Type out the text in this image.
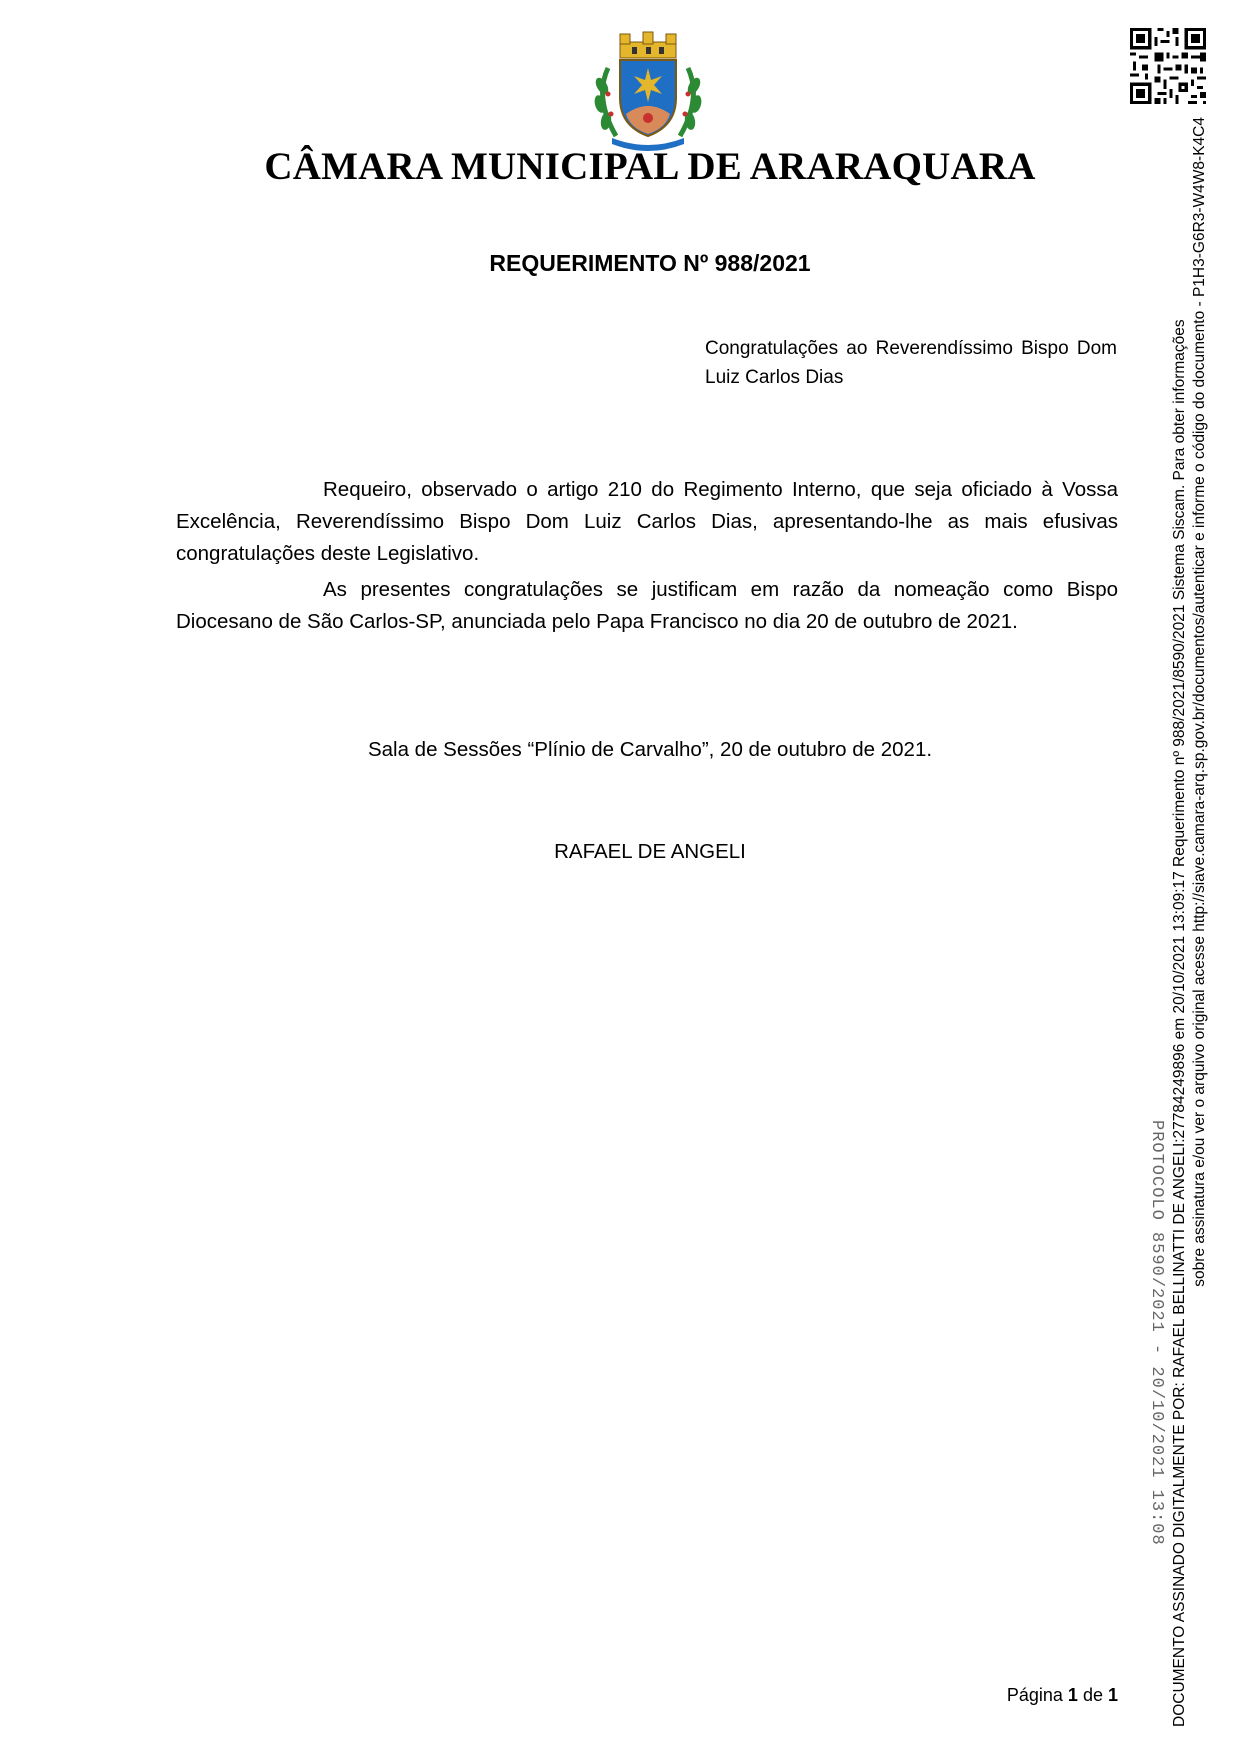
CÂMARA MUNICIPAL DE ARARAQUARA
REQUERIMENTO Nº 988/2021
Congratulações ao Reverendíssimo Bispo Dom Luiz Carlos Dias

Requeiro, observado o artigo 210 do Regimento Interno, que seja oficiado à Vossa Excelência, Reverendíssimo Bispo Dom Luiz Carlos Dias, apresentando-lhe as mais efusivas congratulações deste Legislativo.

As presentes congratulações se justificam em razão da nomeação como Bispo Diocesano de São Carlos-SP, anunciada pelo Papa Francisco no dia 20 de outubro de 2021.

Sala de Sessões “Plínio de Carvalho”, 20 de outubro de 2021.
RAFAEL DE ANGELI
Página 1 de 1	DOCUMENTO ASSINADO DIGITALMENTE POR: RAFAEL BELLINATTI DE ANGELI:27784249896 em 20/10/2021 13:09:17 Requerimento nº 988/2021/8590/2021 Sistema Siscam. Para obter informações sobre assinatura e/ou ver o arquivo original acesse http://siave.camara-arq.sp.gov.br/documentos/autenticar e informe o código do documento - P1H3-G6R3-W4W8-K4C4
PROTOCOLO 8590/2021 - 20/10/2021 13:08
